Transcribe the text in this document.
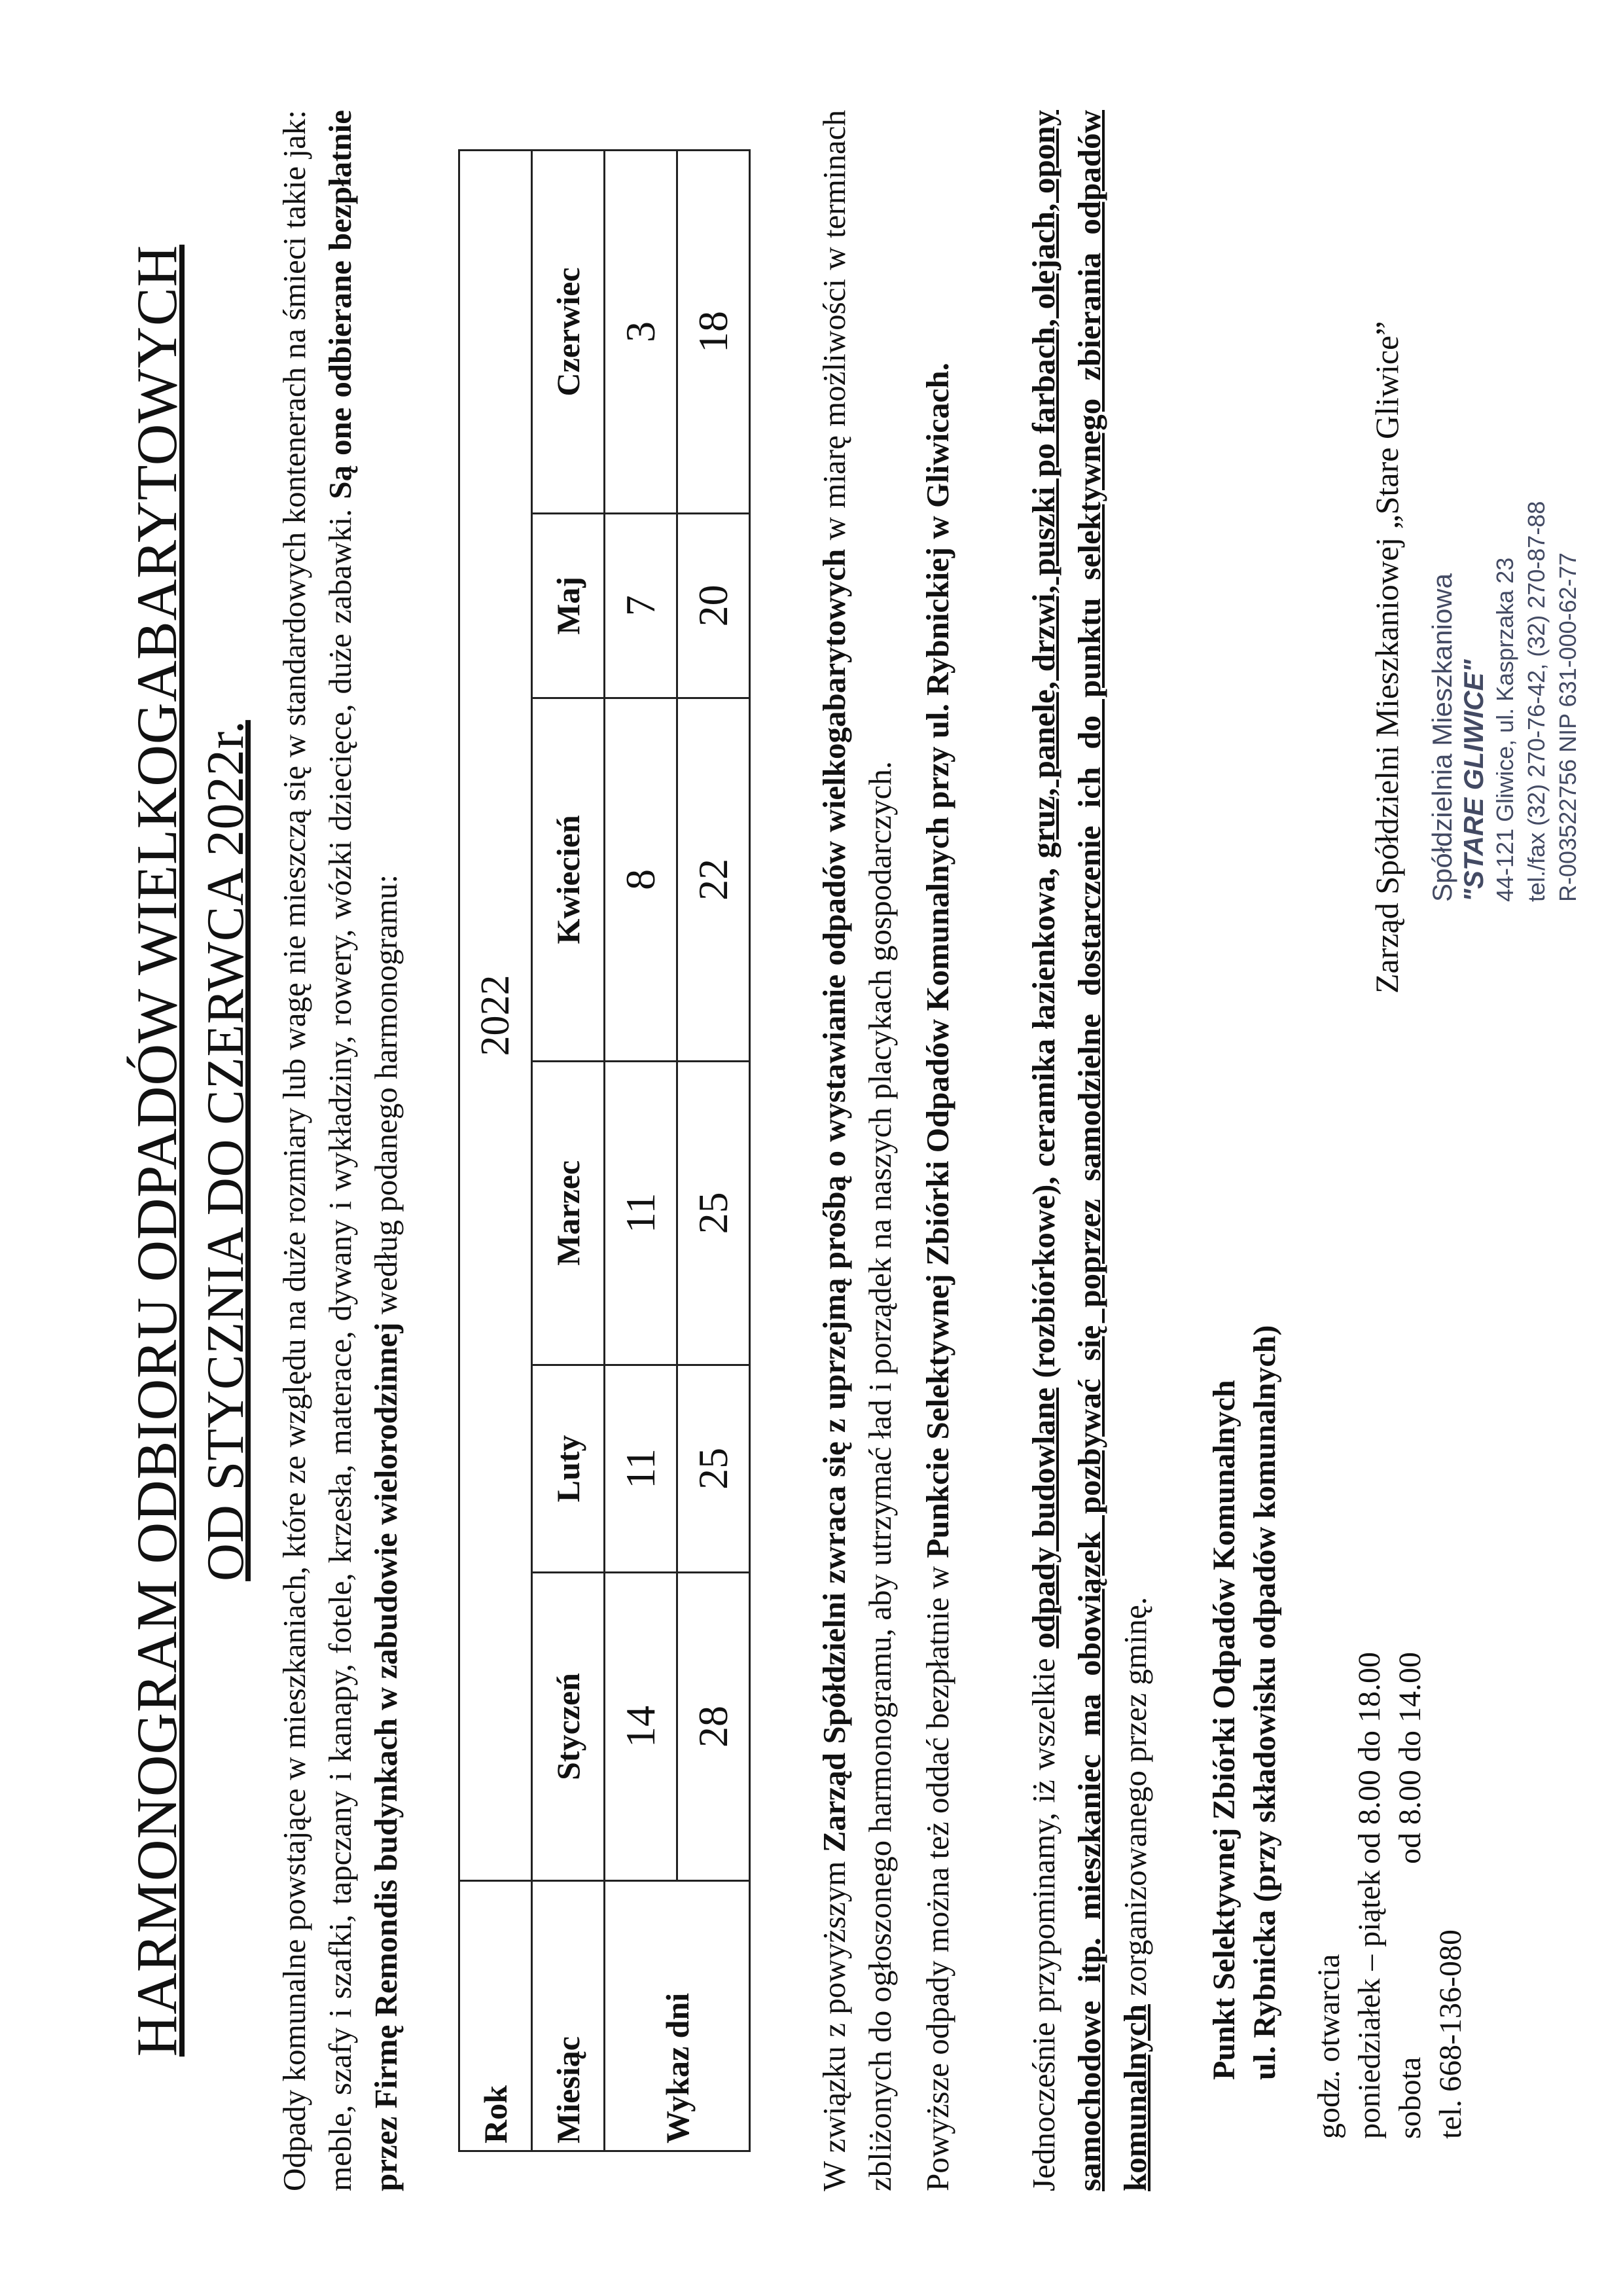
HARMONOGRAM ODBIORU ODPADÓW WIELKOGABARYTOWYCH OD STYCZNIA DO CZERWCA 2022r. Odpady komunalne powstające w mieszkaniach, które ze względu na duże rozmiary lub wagę nie mieszczą się w standardowych kontenerach na śmieci takie jak: meble, szafy i szafki, tapczany i kanapy, fotele, krzesła, materace, dywany i wykładziny, rowery, wózki dziecięce, duże zabawki. Są one odbierane bezpłatnie przez Firmę Remondis budynkach w zabudowie wielorodzinnej według podanego harmonogramu:

Rok	2022					
Miesiąc	Styczeń	Luty	Marzec	Kwiecień	Maj	Czerwiec
Wykaz dni	14	11	11	8	7	3
	28	25	25	22	20	18

W związku z powyższym Zarząd Spółdzielni zwraca się z uprzejmą prośbą o wystawianie odpadów wielkogabarytowych w miarę możliwości w terminach zbliżonych do ogłoszonego harmonogramu, aby utrzymać ład i porządek na naszych placykach gospodarczych. Powyższe odpady można też oddać bezpłatnie w Punkcie Selektywnej Zbiórki Odpadów Komunalnych przy ul. Rybnickiej w Gliwicach.

Jednocześnie przypominamy, iż wszelkie odpady budowlane (rozbiórkowe), ceramika łazienkowa, gruz, panele, drzwi, puszki po farbach, olejach, opony samochodowe itp. mieszkaniec ma obowiązek pozbywać się poprzez samodzielne dostarczenie ich do punktu selektywnego zbierania odpadów komunalnych zorganizowanego przez gminę. Punkt Selektywnej Zbiórki Odpadów Komunalnych ul. Rybnicka (przy składowisku odpadów komunalnych) godz. otwarcia poniedziałek – piątek
od 8.00 do 18.00
sobota
od 8.00 do 14.00
tel. 668-136-080
Zarząd Spółdzielni Mieszkaniowej „Stare Gliwice” Spółdzielnia Mieszkaniowa "STARE GLIWICE" 44-121 Gliwice, ul. Kasprzaka 23 tel./fax (32) 270-76-42, (32) 270-87-88 R-003522756 NIP 631-000-62-77
